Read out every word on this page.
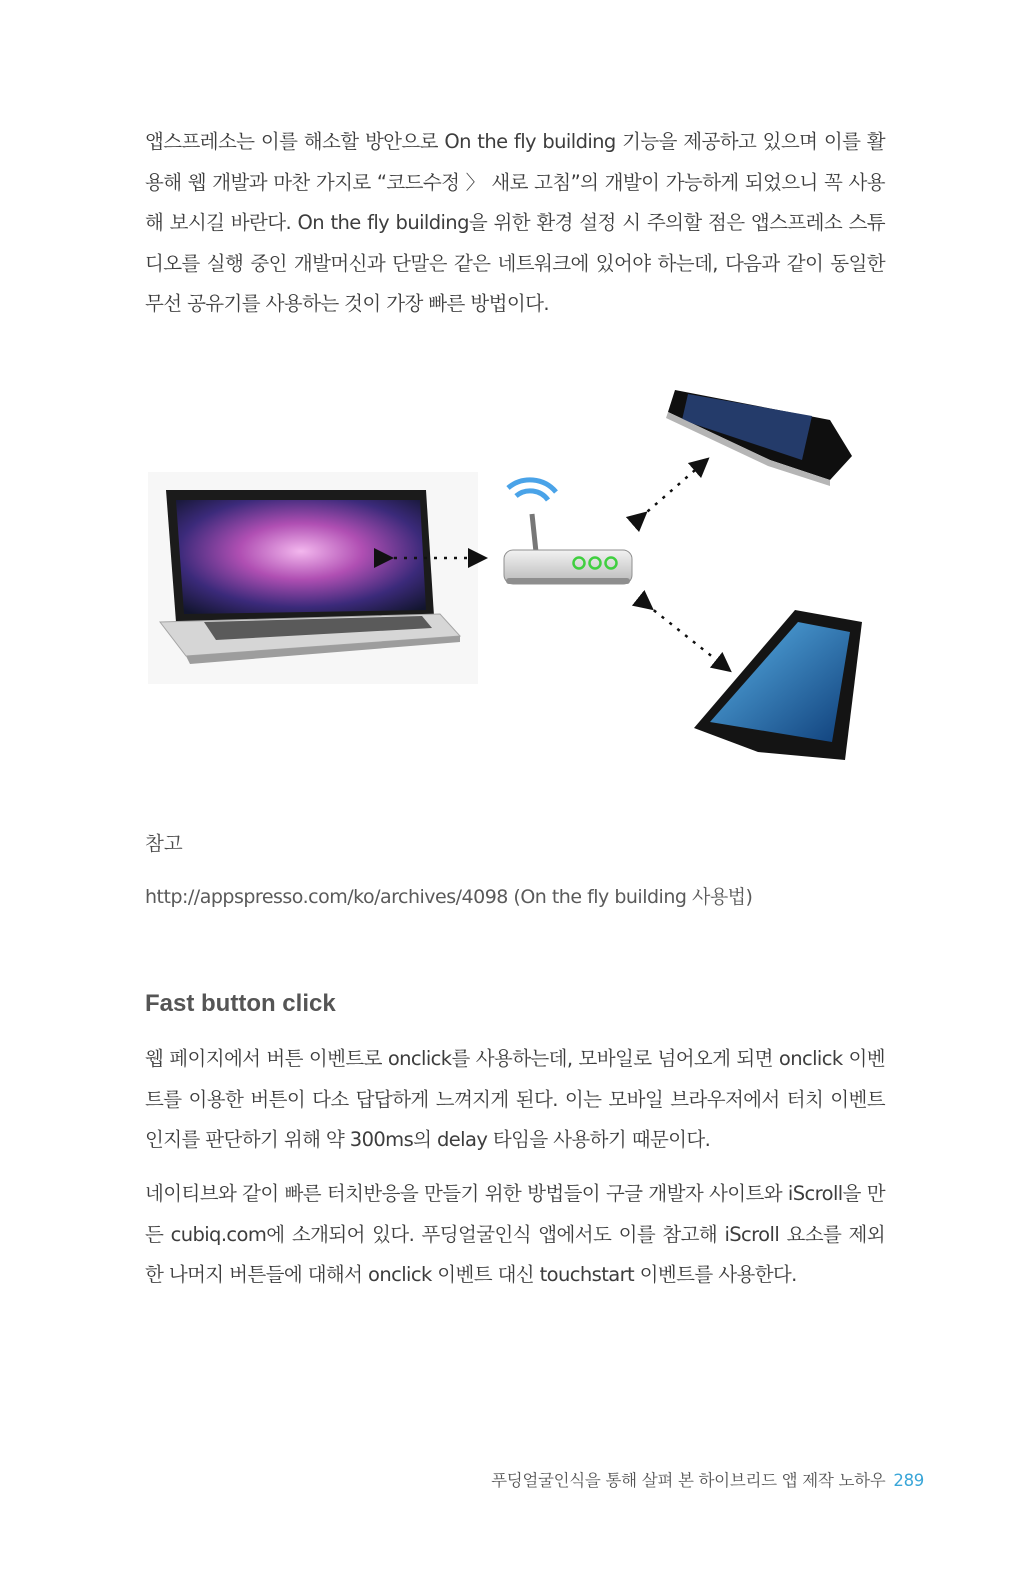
앱스프레소는 이를 해소할 방안으로 On the fly building 기능을 제공하고 있으며 이를 활용해 웹 개발과 마찬 가지로 “코드수정 〉 새로 고침”의 개발이 가능하게 되었으니 꼭 사용해 보시길 바란다. On the fly building을 위한 환경 설정 시 주의할 점은 앱스프레소 스튜디오를 실행 중인 개발머신과 단말은 같은 네트워크에 있어야 하는데, 다음과 같이 동일한 무선 공유기를 사용하는 것이 가장 빠른 방법이다.

참고

http://appspresso.com/ko/archives/4098 (On the fly building 사용법)

Fast button click

웹 페이지에서 버튼 이벤트로 onclick를 사용하는데, 모바일로 넘어오게 되면 onclick 이벤트를 이용한 버튼이 다소 답답하게 느껴지게 된다. 이는 모바일 브라우저에서 터치 이벤트인지를 판단하기 위해 약 300ms의 delay 타임을 사용하기 때문이다.

네이티브와 같이 빠른 터치반응을 만들기 위한 방법들이 구글 개발자 사이트와 iScroll을 만든 cubiq.com에 소개되어 있다. 푸딩얼굴인식 앱에서도 이를 참고해 iScroll 요소를 제외 한 나머지 버튼들에 대해서 onclick 이벤트 대신 touchstart 이벤트를 사용한다.

푸딩얼굴인식을 통해 살펴 본 하이브리드 앱 제작 노하우 289
